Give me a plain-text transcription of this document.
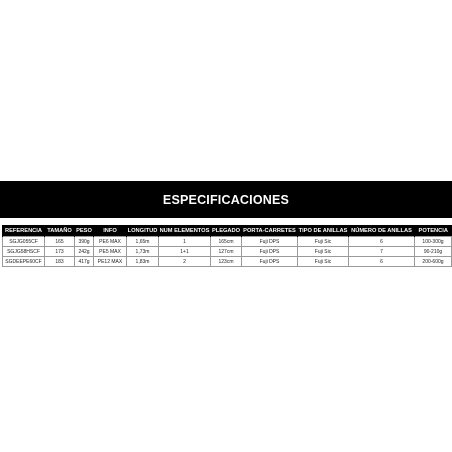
ESPECIFICACIONES
REFERENCIA	TAMAÑO	PESO	INFO	LONGITUD	NUM ELEMENTOS	PLEGADO	PORTA-CARRETES	TIPO DE ANILLAS	NÚMERO DE ANILLAS	POTENCIA
SGJG055CF	165	390g	PE6 MAX	1,65m	1	165cm	Fuji DPS	Fuji Sic	6	100-300g
SGJG58HSCF	173	242g	PE5 MAX	1,73m	1+1	127cm	Fuji DPS	Fuji Sic	7	90-210g
SGDEEPE60CF	183	417g	PE12 MAX	1,83m	2	123cm	Fuji DPS	Fuji Sic	6	200-600g
